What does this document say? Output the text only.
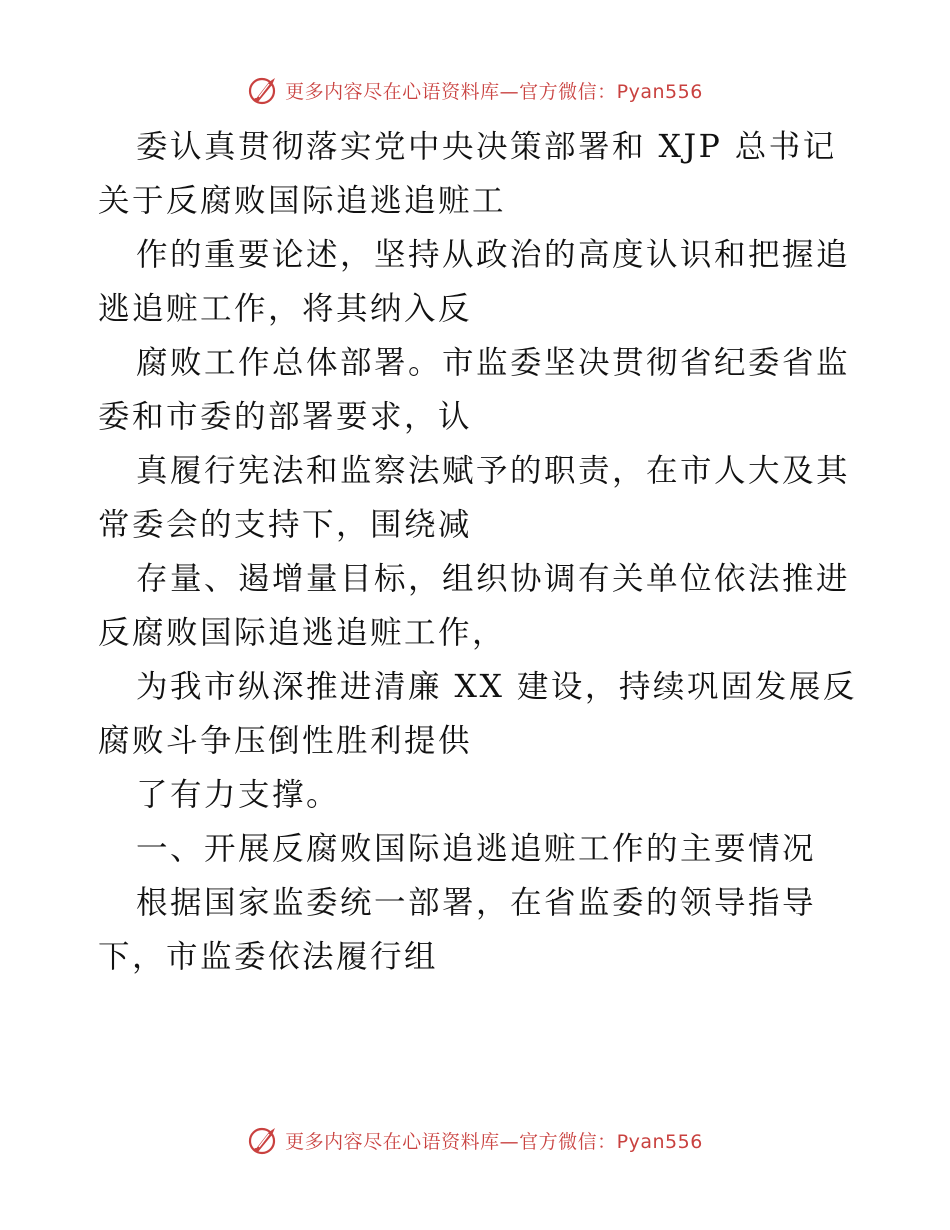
更多内容尽在心语资料库—官方微信：Pyan556
委认真贯彻落实党中央决策部署和 XJP 总书记
关于反腐败国际追逃追赃工
作的重要论述，坚持从政治的高度认识和把握追
逃追赃工作，将其纳入反
腐败工作总体部署。市监委坚决贯彻省纪委省监
委和市委的部署要求，认
真履行宪法和监察法赋予的职责，在市人大及其
常委会的支持下，围绕减
存量、遏增量目标，组织协调有关单位依法推进
反腐败国际追逃追赃工作，
为我市纵深推进清廉 XX 建设，持续巩固发展反
腐败斗争压倒性胜利提供
了有力支撑。
一、开展反腐败国际追逃追赃工作的主要情况
根据国家监委统一部署，在省监委的领导指导
下，市监委依法履行组
更多内容尽在心语资料库—官方微信：Pyan556
